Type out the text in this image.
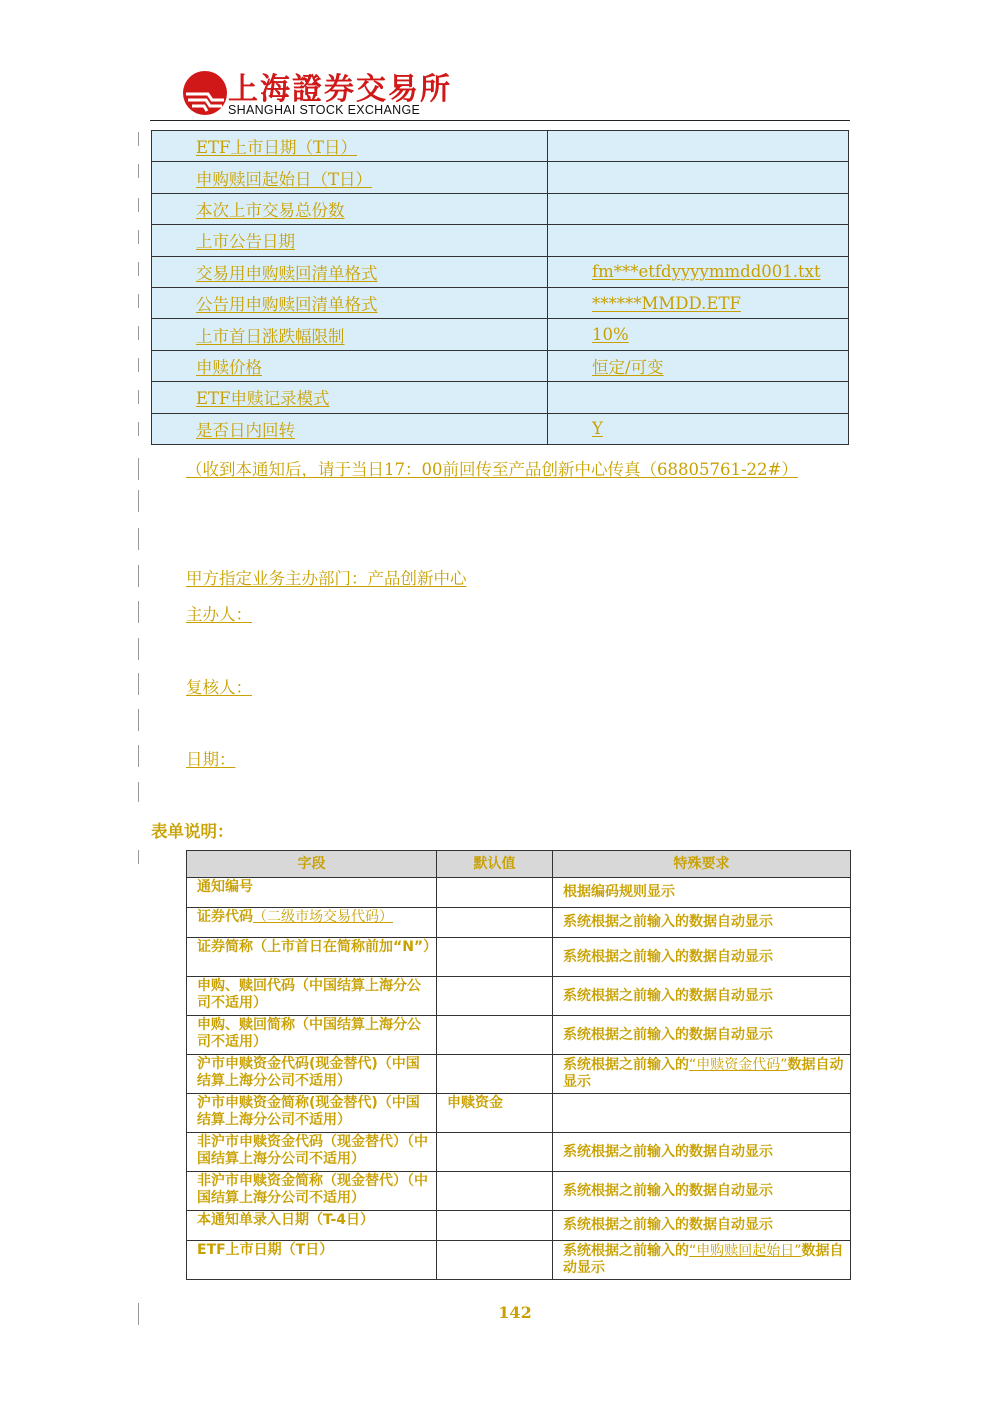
上海證券交易所
SHANGHAI STOCK EXCHANGE
ETF上市日期（T日）	
申购赎回起始日（T日）	
本次上市交易总份数	
上市公告日期	
交易用申购赎回清单格式	fm***etfdyyyymmdd001.txt
公告用申购赎回清单格式	******MMDD.ETF
上市首日涨跌幅限制	10%
申赎价格	恒定/可变
ETF申赎记录模式	
是否日内回转	Y
（收到本通知后，请于当日17：00前回传至产品创新中心传真（68805761-22#）
甲方指定业务主办部门：产品创新中心
主办人：
复核人：
日期：
表单说明：
字段	默认值	特殊要求
通知编号		根据编码规则显示
证券代码（二级市场交易代码）		系统根据之前输入的数据自动显示
证券简称（上市首日在简称前加“N”）		系统根据之前输入的数据自动显示
申购、赎回代码（中国结算上海分公司不适用）		系统根据之前输入的数据自动显示
申购、赎回简称（中国结算上海分公司不适用）		系统根据之前输入的数据自动显示
沪市申赎资金代码(现金替代)（中国结算上海分公司不适用）		系统根据之前输入的“申赎资金代码”数据自动显示
沪市申赎资金简称(现金替代)（中国结算上海分公司不适用）	申赎资金	
非沪市申赎资金代码（现金替代）（中国结算上海分公司不适用）		系统根据之前输入的数据自动显示
非沪市申赎资金简称（现金替代）（中国结算上海分公司不适用）		系统根据之前输入的数据自动显示
本通知单录入日期（T-4日）		系统根据之前输入的数据自动显示
ETF上市日期（T日）		系统根据之前输入的“申购赎回起始日”数据自动显示
142
